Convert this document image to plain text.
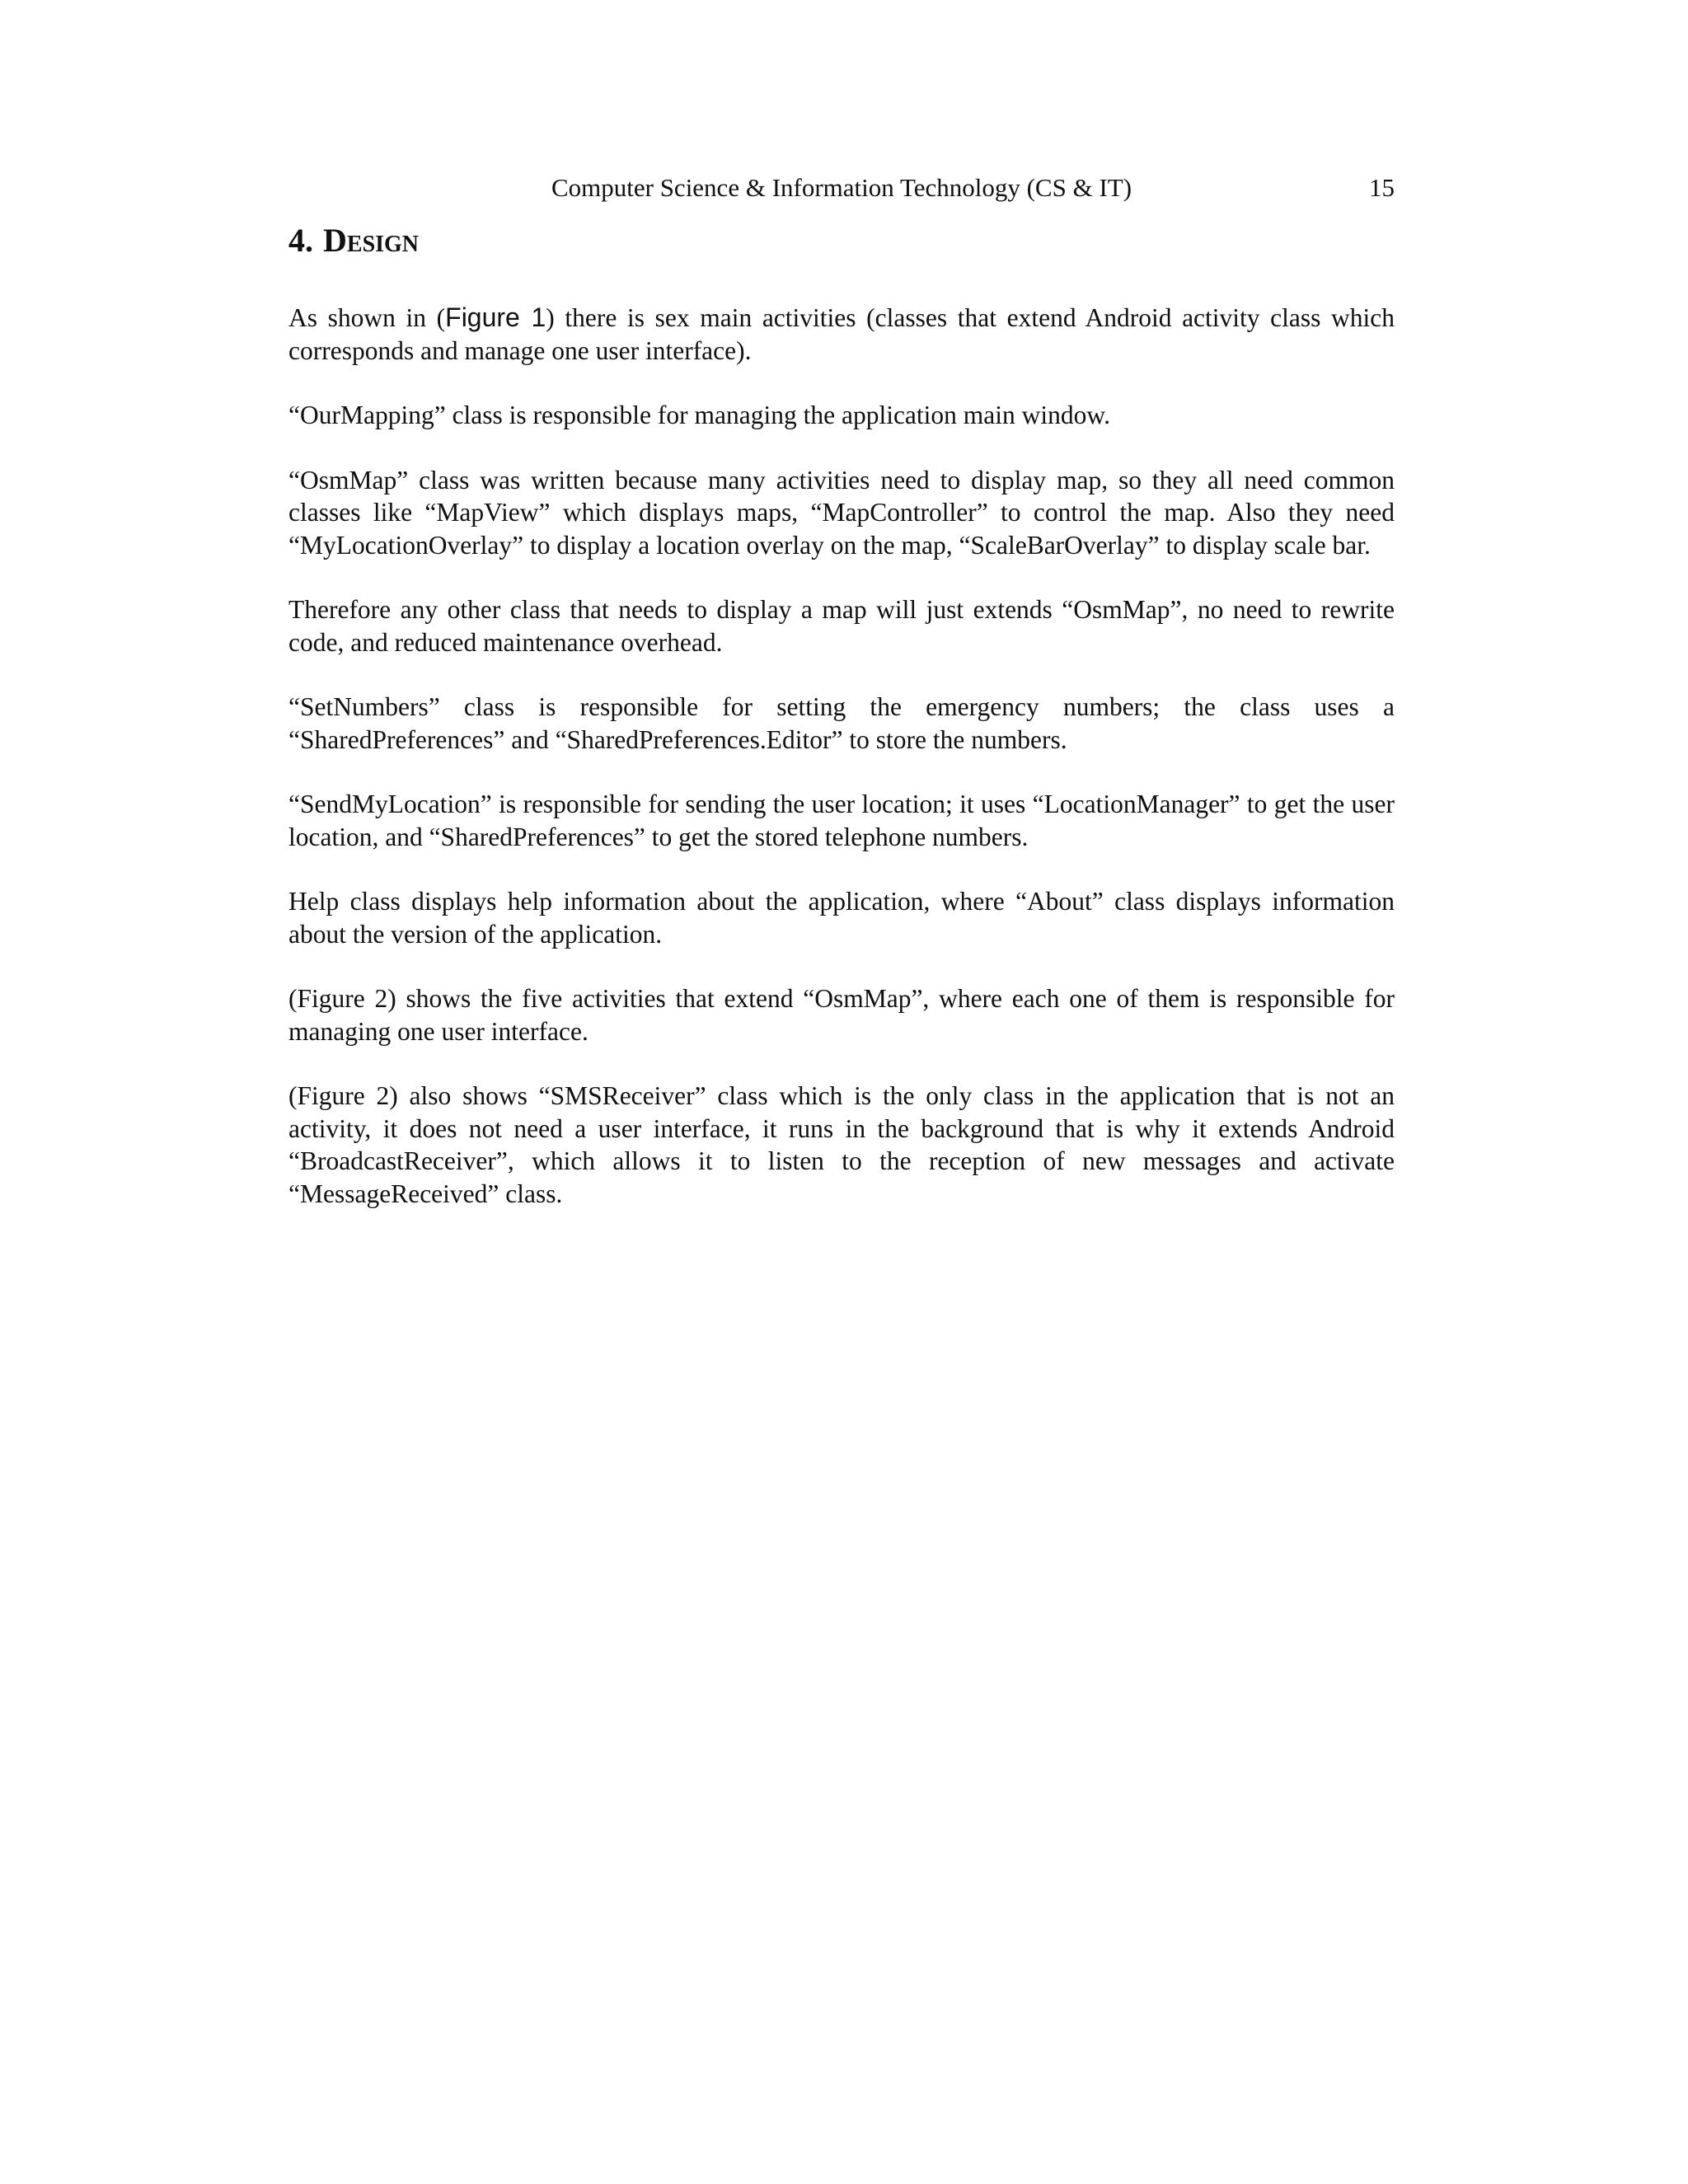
Computer Science & Information Technology (CS & IT)	15
4. Design

As shown in (Figure 1) there is sex main activities (classes that extend Android activity class which corresponds and manage one user interface).

“OurMapping” class is responsible for managing the application main window.

“OsmMap” class was written because many activities need to display map, so they all need common classes like “MapView” which displays maps, “MapController” to control the map. Also they need “MyLocationOverlay” to display a location overlay on the map, “ScaleBarOverlay” to display scale bar.

Therefore any other class that needs to display a map will just extends “OsmMap”, no need to rewrite code, and reduced maintenance overhead.

“SetNumbers” class is responsible for setting the emergency numbers; the class uses a “SharedPreferences” and “SharedPreferences.Editor” to store the numbers.

“SendMyLocation” is responsible for sending the user location; it uses “LocationManager” to get the user location, and “SharedPreferences” to get the stored telephone numbers.

Help class displays help information about the application, where “About” class displays information about the version of the application.

(Figure 2) shows the five activities that extend “OsmMap”, where each one of them is responsible for managing one user interface.

(Figure 2) also shows “SMSReceiver” class which is the only class in the application that is not an activity, it does not need a user interface, it runs in the background that is why it extends Android “BroadcastReceiver”, which allows it to listen to the reception of new messages and activate “MessageReceived” class.
